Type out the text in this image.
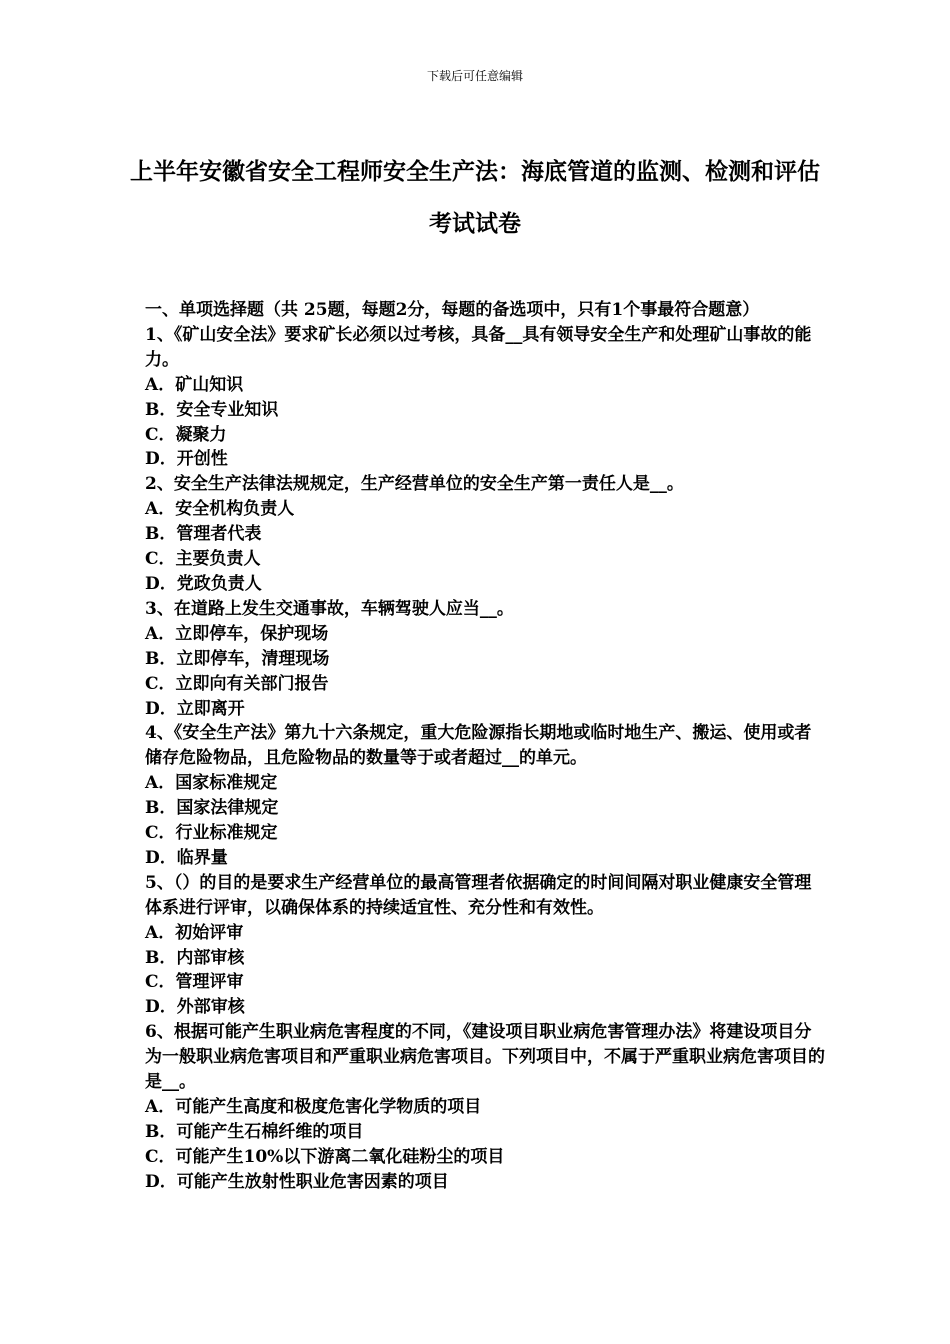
下载后可任意编辑
上半年安徽省安全工程师安全生产法：海底管道的监测、检测和评估考试试卷

一、单项选择题（共 25题，每题2分，每题的备选项中，只有1个事最符合题意）

1、《矿山安全法》要求矿长必须以过考核，具备__具有领导安全生产和处理矿山事故的能力。

A．矿山知识

B．安全专业知识

C．凝聚力

D．开创性

2、安全生产法律法规规定，生产经营单位的安全生产第一责任人是__。

A．安全机构负责人

B．管理者代表

C．主要负责人

D．党政负责人

3、在道路上发生交通事故，车辆驾驶人应当__。

A．立即停车，保护现场

B．立即停车，清理现场

C．立即向有关部门报告

D．立即离开

4、《安全生产法》第九十六条规定，重大危险源指长期地或临时地生产、搬运、使用或者储存危险物品，且危险物品的数量等于或者超过__的单元。

A．国家标准规定

B．国家法律规定

C．行业标准规定

D．临界量

5、（）的目的是要求生产经营单位的最高管理者依据确定的时间间隔对职业健康安全管理体系进行评审，以确保体系的持续适宜性、充分性和有效性。

A．初始评审

B．内部审核

C．管理评审

D．外部审核

6、根据可能产生职业病危害程度的不同，《建设项目职业病危害管理办法》将建设项目分为一般职业病危害项目和严重职业病危害项目。下列项目中，不属于严重职业病危害项目的是__。

A．可能产生高度和极度危害化学物质的项目

B．可能产生石棉纤维的项目

C．可能产生10%以下游离二氧化硅粉尘的项目

D．可能产生放射性职业危害因素的项目
